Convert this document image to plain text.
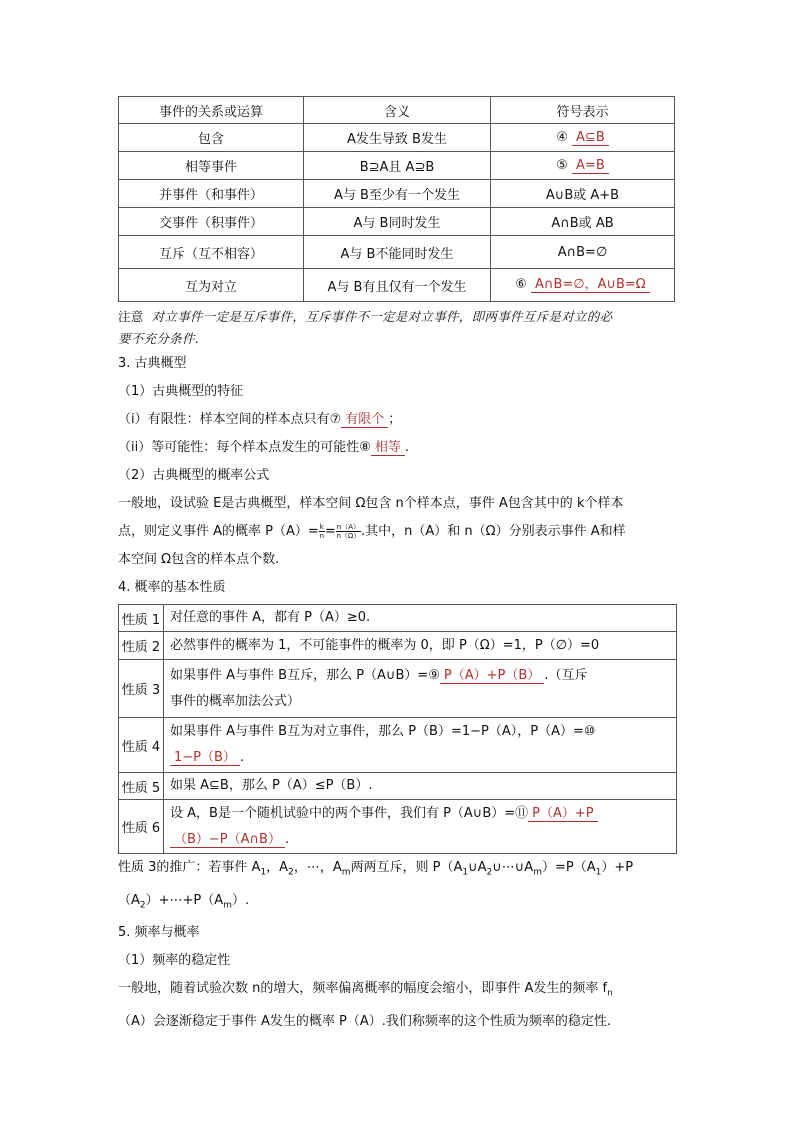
事件的关系或运算	含义	符号表示
包含	A发生导致 B发生	④ A⊆B
相等事件	B⊇A且 A⊇B	⑤ A=B
并事件（和事件）	A与 B至少有一个发生	A∪B或 A+B
交事件（积事件）	A与 B同时发生	A∩B或 AB
互斥（互不相容）	A与 B不能同时发生	A∩B=∅
互为对立	A与 B有且仅有一个发生	⑥ A∩B=∅，A∪B=Ω
注意 对立事件一定是互斥事件，互斥事件不一定是对立事件，即两事件互斥是对立的必
要不充分条件.
3. 古典概型
（1）古典概型的特征
（i）有限性：样本空间的样本点只有⑦ 有限个 ；
（ii）等可能性：每个样本点发生的可能性⑧ 相等 .
（2）古典概型的概率公式
一般地，设试验 E是古典概型，样本空间 Ω包含 n个样本点，事件 A包含其中的 k个样本
点，则定义事件 A的概率 $P(A)= \frac{k}{n} = \frac{n(A)}{n(\Omega)}$ .其中，n（A）和 n（Ω）分别表示事件 A和样
本空间 Ω包含的样本点个数.
4. 概率的基本性质
性质 1	对任意的事件 A，都有 P（A）≥0.
性质 2	必然事件的概率为 1，不可能事件的概率为 0，即 P（Ω）=1，P（∅）=0
性质 3	如果事件 A与事件 B互斥，那么 P（A∪B）=⑨ P（A）+P（B） .（互斥
事件的概率加法公式）

性质 4	如果事件 A与事件 B互为对立事件，那么 P（B）=1−P（A），P（A）=⑩
1−P（B） .

性质 5	如果 A⊆B，那么 P（A）≤P（B）.
性质 6	设 A，B是一个随机试验中的两个事件，我们有 P（A∪B）=⑪ P（A）+P
（B）−P（A∩B） .
性质 3的推广：若事件 $A_1$，$A_2$，⋯，$A_m$两两互斥，则 $P(A_1\cup A_2\cup\cdots\cup A_m)=P(A_1)+P$
$(A_2)+\cdots+P(A_m)$.
5. 频率与概率
（1）频率的稳定性
一般地，随着试验次数 n的增大，频率偏离概率的幅度会缩小，即事件 A发生的频率 $f_n$
（A）会逐渐稳定于事件 A发生的概率 P（A）.我们称频率的这个性质为频率的稳定性.
